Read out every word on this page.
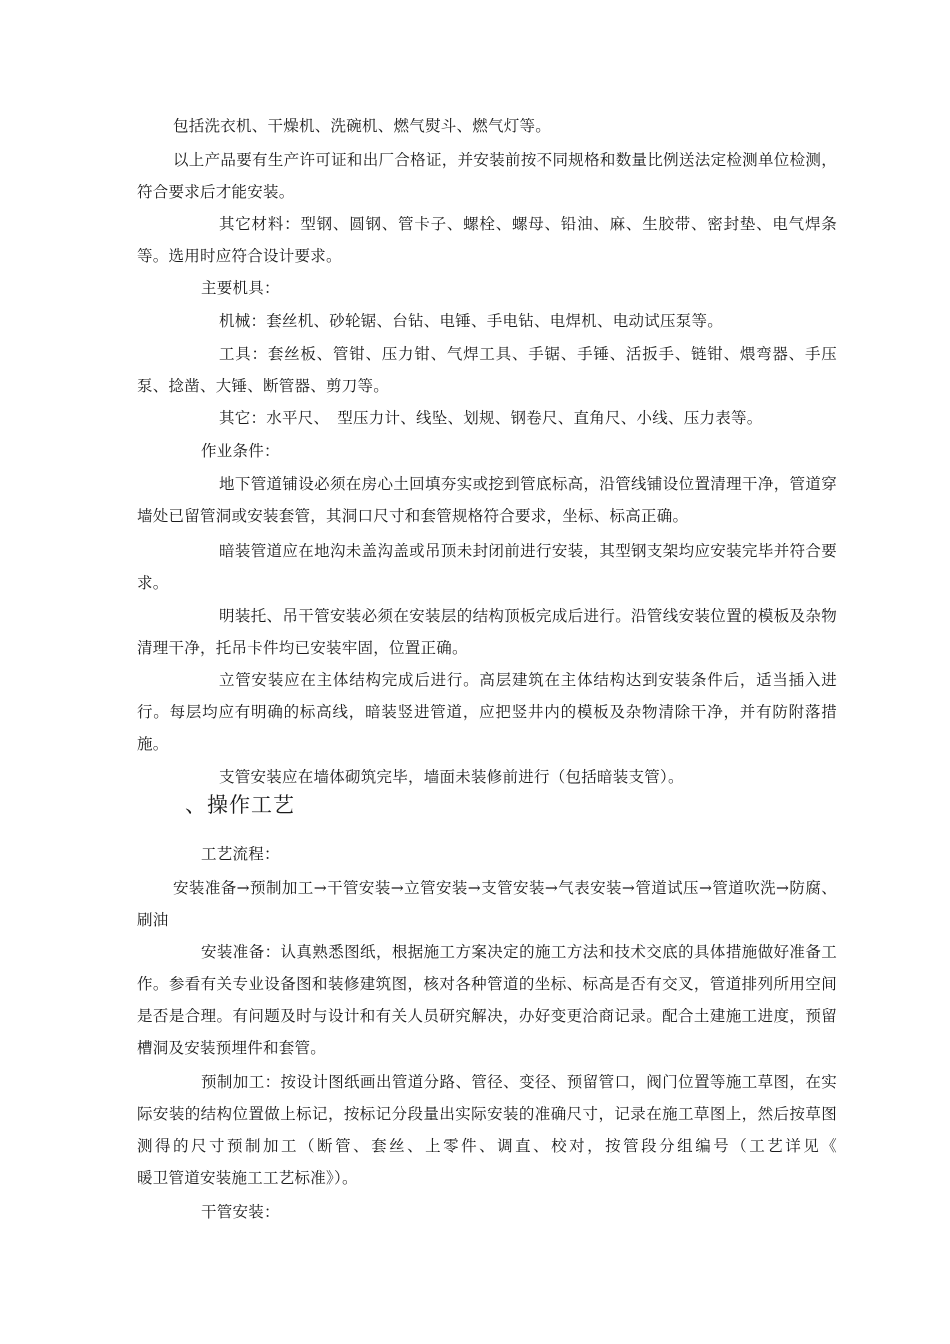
包括洗衣机、干燥机、洗碗机、燃气熨斗、燃气灯等。

以上产品要有生产许可证和出厂合格证，并安装前按不同规格和数量比例送法定检测单位检测，符合要求后才能安装。

其它材料：型钢、圆钢、管卡子、螺栓、螺母、铅油、麻、生胶带、密封垫、电气焊条等。选用时应符合设计要求。

主要机具：

机械：套丝机、砂轮锯、台钻、电锤、手电钻、电焊机、电动试压泵等。

工具：套丝板、管钳、压力钳、气焊工具、手锯、手锤、活扳手、链钳、煨弯器、手压泵、捻凿、大锤、断管器、剪刀等。

其它：水平尺、　型压力计、线坠、划规、钢卷尺、直角尺、小线、压力表等。

作业条件：

地下管道铺设必须在房心土回填夯实或挖到管底标高，沿管线铺设位置清理干净，管道穿墙处已留管洞或安装套管，其洞口尺寸和套管规格符合要求，坐标、标高正确。

暗装管道应在地沟未盖沟盖或吊顶未封闭前进行安装，其型钢支架均应安装完毕并符合要求。

明装托、吊干管安装必须在安装层的结构顶板完成后进行。沿管线安装位置的模板及杂物清理干净，托吊卡件均已安装牢固，位置正确。

立管安装应在主体结构完成后进行。高层建筑在主体结构达到安装条件后，适当插入进行。每层均应有明确的标高线，暗装竖进管道，应把竖井内的模板及杂物清除干净，并有防附落措施。

支管安装应在墙体砌筑完毕，墙面未装修前进行（包括暗装支管）。

、操作工艺

工艺流程：

安装准备→预制加工→干管安装→立管安装→支管安装→气表安装→管道试压→管道吹洗→防腐、刷油

安装准备：认真熟悉图纸，根据施工方案决定的施工方法和技术交底的具体措施做好准备工作。参看有关专业设备图和装修建筑图，核对各种管道的坐标、标高是否有交叉，管道排列所用空间是否是合理。有问题及时与设计和有关人员研究解决，办好变更洽商记录。配合土建施工进度，预留槽洞及安装预埋件和套管。

预制加工：按设计图纸画出管道分路、管径、变径、预留管口，阀门位置等施工草图，在实际安装的结构位置做上标记，按标记分段量出实际安装的准确尺寸，记录在施工草图上，然后按草图测得的尺寸预制加工（断管、套丝、上零件、调直、校对，按管段分组编号（工艺详见《　　　　　暖卫管道安装施工工艺标准》）。

干管安装：
